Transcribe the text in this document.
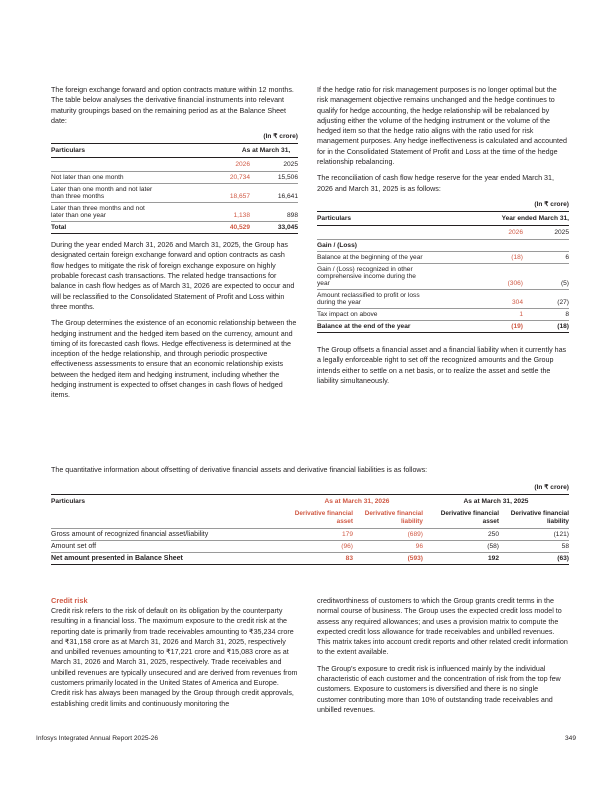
The foreign exchange forward and option contracts mature within 12 months. The table below analyses the derivative financial instruments into relevant maturity groupings based on the remaining period as at the Balance Sheet date:

(In ₹ crore)
Particulars	As at March 31,	
	2026	2025
Not later than one month	20,734	15,506
Later than one month and not later than three months	18,657	16,641
Later than three months and not later than one year	1,138	898
Total	40,529	33,045

During the year ended March 31, 2026 and March 31, 2025, the Group has designated certain foreign exchange forward and option contracts as cash flow hedges to mitigate the risk of foreign exchange exposure on highly probable forecast cash transactions. The related hedge transactions for balance in cash flow hedges as of March 31, 2026 are expected to occur and will be reclassified to the Consolidated Statement of Profit and Loss within three months.

The Group determines the existence of an economic relationship between the hedging instrument and the hedged item based on the currency, amount and timing of its forecasted cash flows. Hedge effectiveness is determined at the inception of the hedge relationship, and through periodic prospective effectiveness assessments to ensure that an economic relationship exists between the hedged item and hedging instrument, including whether the hedging instrument is expected to offset changes in cash flows of hedged items.

If the hedge ratio for risk management purposes is no longer optimal but the risk management objective remains unchanged and the hedge continues to qualify for hedge accounting, the hedge relationship will be rebalanced by adjusting either the volume of the hedging instrument or the volume of the hedged item so that the hedge ratio aligns with the ratio used for risk management purposes. Any hedge ineffectiveness is calculated and accounted for in the Consolidated Statement of Profit and Loss at the time of the hedge relationship rebalancing.

The reconciliation of cash flow hedge reserve for the year ended March 31, 2026 and March 31, 2025 is as follows:

(In ₹ crore)
Particulars	Year ended March 31,	
	2026	2025
Gain / (Loss)		
Balance at the beginning of the year	(18)	6
Gain / (Loss) recognized in other comprehensive income during the year	(306)	(5)
Amount reclassified to profit or loss during the year	304	(27)
Tax impact on above	1	8
Balance at the end of the year	(19)	(18)

The Group offsets a financial asset and a financial liability when it currently has a legally enforceable right to set off the recognized amounts and the Group intends either to settle on a net basis, or to realize the asset and settle the liability simultaneously.

The quantitative information about offsetting of derivative financial assets and derivative financial liabilities is as follows:

(In ₹ crore)
Particulars	As at March 31, 2026		As at March 31, 2025	
	Derivative financial asset	Derivative financial liability	Derivative financial asset	Derivative financial liability
Gross amount of recognized financial asset/liability	179	(689)	250	(121)
Amount set off	(96)	96	(58)	58
Net amount presented in Balance Sheet	83	(593)	192	(63)
Credit risk

Credit risk refers to the risk of default on its obligation by the counterparty resulting in a financial loss. The maximum exposure to the credit risk at the reporting date is primarily from trade receivables amounting to ₹35,234 crore and ₹31,158 crore as at March 31, 2026 and March 31, 2025, respectively and unbilled revenues amounting to ₹17,221 crore and ₹15,083 crore as at March 31, 2026 and March 31, 2025, respectively. Trade receivables and unbilled revenues are typically unsecured and are derived from revenues from customers primarily located in the United States of America and Europe. Credit risk has always been managed by the Group through credit approvals, establishing credit limits and continuously monitoring the

creditworthiness of customers to which the Group grants credit terms in the normal course of business. The Group uses the expected credit loss model to assess any required allowances; and uses a provision matrix to compute the expected credit loss allowance for trade receivables and unbilled revenues. This matrix takes into account credit reports and other related credit information to the extent available.

The Group's exposure to credit risk is influenced mainly by the individual characteristic of each customer and the concentration of risk from the top few customers. Exposure to customers is diversified and there is no single customer contributing more than 10% of outstanding trade receivables and unbilled revenues.

Infosys Integrated Annual Report 2025-26	349
